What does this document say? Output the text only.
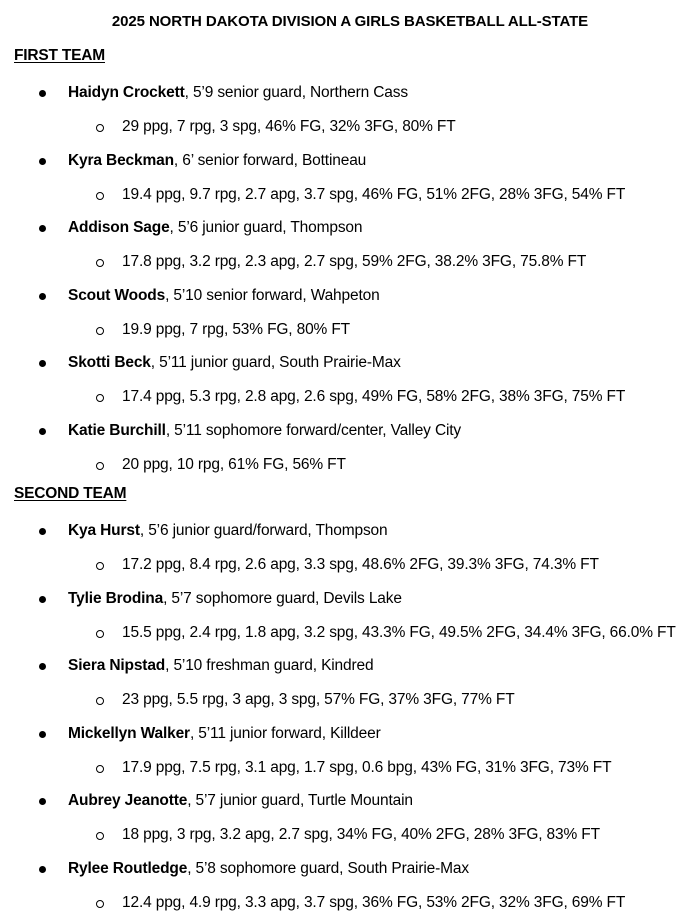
2025 NORTH DAKOTA DIVISION A GIRLS BASKETBALL ALL-STATE
FIRST TEAM
Haidyn Crockett, 5’9 senior guard, Northern Cass
29 ppg, 7 rpg, 3 spg, 46% FG, 32% 3FG, 80% FT
Kyra Beckman, 6’ senior forward, Bottineau
19.4 ppg, 9.7 rpg, 2.7 apg, 3.7 spg, 46% FG, 51% 2FG, 28% 3FG, 54% FT
Addison Sage, 5’6 junior guard, Thompson
17.8 ppg, 3.2 rpg, 2.3 apg, 2.7 spg, 59% 2FG, 38.2% 3FG, 75.8% FT
Scout Woods, 5’10 senior forward, Wahpeton
19.9 ppg, 7 rpg, 53% FG, 80% FT
Skotti Beck, 5’11 junior guard, South Prairie-Max
17.4 ppg, 5.3 rpg, 2.8 apg, 2.6 spg, 49% FG, 58% 2FG, 38% 3FG, 75% FT
Katie Burchill, 5’11 sophomore forward/center, Valley City
20 ppg, 10 rpg, 61% FG, 56% FT
SECOND TEAM
Kya Hurst, 5’6 junior guard/forward, Thompson
17.2 ppg, 8.4 rpg, 2.6 apg, 3.3 spg, 48.6% 2FG, 39.3% 3FG, 74.3% FT
Tylie Brodina, 5’7 sophomore guard, Devils Lake
15.5 ppg, 2.4 rpg, 1.8 apg, 3.2 spg, 43.3% FG, 49.5% 2FG, 34.4% 3FG, 66.0% FT
Siera Nipstad, 5’10 freshman guard, Kindred
23 ppg, 5.5 rpg, 3 apg, 3 spg, 57% FG, 37% 3FG, 77% FT
Mickellyn Walker, 5’11 junior forward, Killdeer
17.9 ppg, 7.5 rpg, 3.1 apg, 1.7 spg, 0.6 bpg, 43% FG, 31% 3FG, 73% FT
Aubrey Jeanotte, 5’7 junior guard, Turtle Mountain
18 ppg, 3 rpg, 3.2 apg, 2.7 spg, 34% FG, 40% 2FG, 28% 3FG, 83% FT
Rylee Routledge, 5’8 sophomore guard, South Prairie-Max
12.4 ppg, 4.9 rpg, 3.3 apg, 3.7 spg, 36% FG, 53% 2FG, 32% 3FG, 69% FT
